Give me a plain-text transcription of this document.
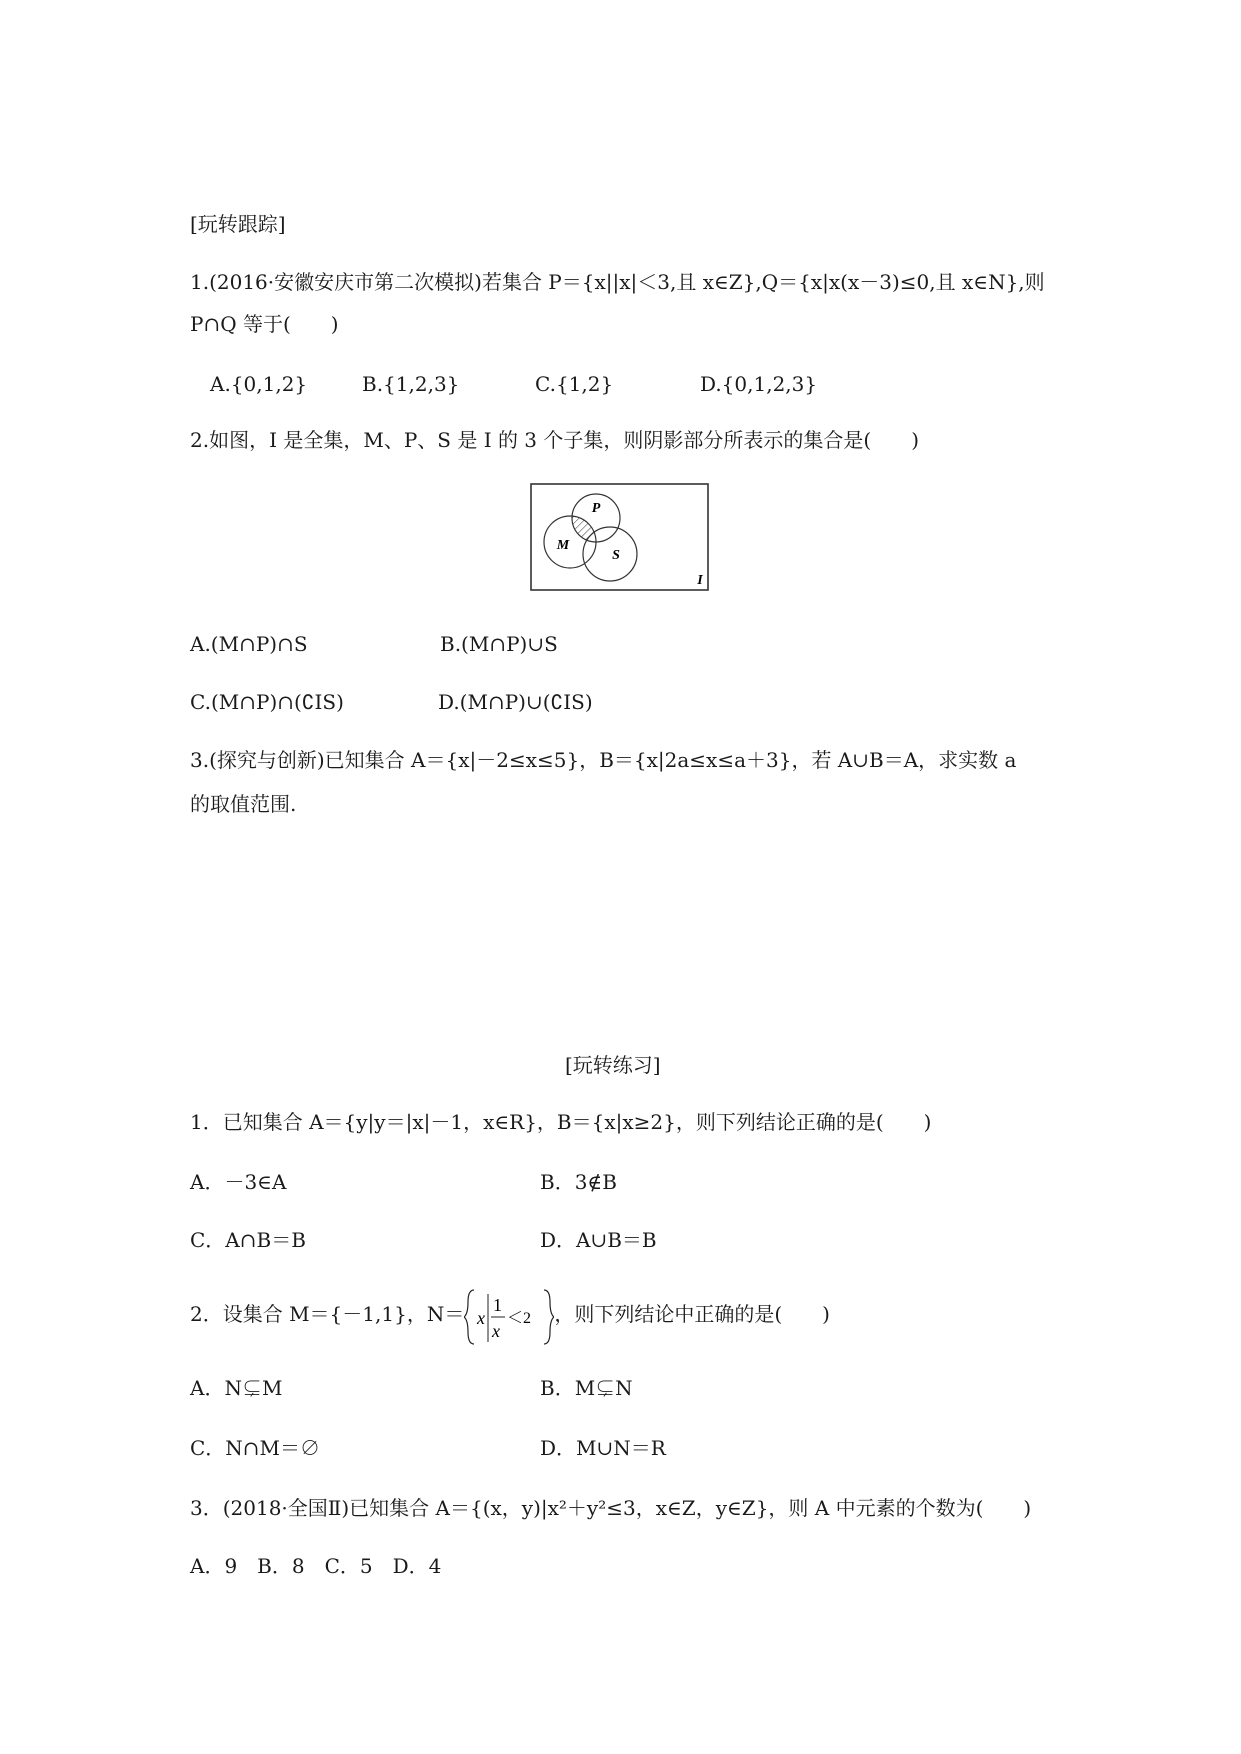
[玩转跟踪]
1.(2016·安徽安庆市第二次模拟)若集合 P＝{x||x|＜3,且 x∈Z},Q＝{x|x(x－3)≤0,且 x∈N},则
P∩Q 等于(　　)
A.{0,1,2}	B.{1,2,3}	C.{1,2}	D.{0,1,2,3}
2.如图，I 是全集，M、P、S 是 I 的 3 个子集，则阴影部分所表示的集合是(　　)
P
M
S
I
A.(M∩P)∩S	B.(M∩P)∪S
C.(M∩P)∩(∁IS)	D.(M∩P)∪(∁IS)
3.(探究与创新)已知集合 A＝{x|－2≤x≤5}，B＝{x|2a≤x≤a＋3}，若 A∪B＝A，求实数 a
的取值范围.
[玩转练习]
1．已知集合 A＝{y|y＝|x|－1，x∈R}，B＝{x|x≥2}，则下列结论正确的是(　　)
A．－3∈A	B．3∉B
C．A∩B＝B	D．A∪B＝B
2．设集合 M＝{－1,1}，N＝ x
1
x
＜2 ，则下列结论中正确的是(　　)
A．N⊊M	B．M⊊N
C．N∩M＝∅	D．M∪N＝R
3．(2018·全国Ⅱ)已知集合 A＝{(x，y)|x²＋y²≤3，x∈Z，y∈Z}，则 A 中元素的个数为(　　)
A．9　B．8　C．5　D．4
